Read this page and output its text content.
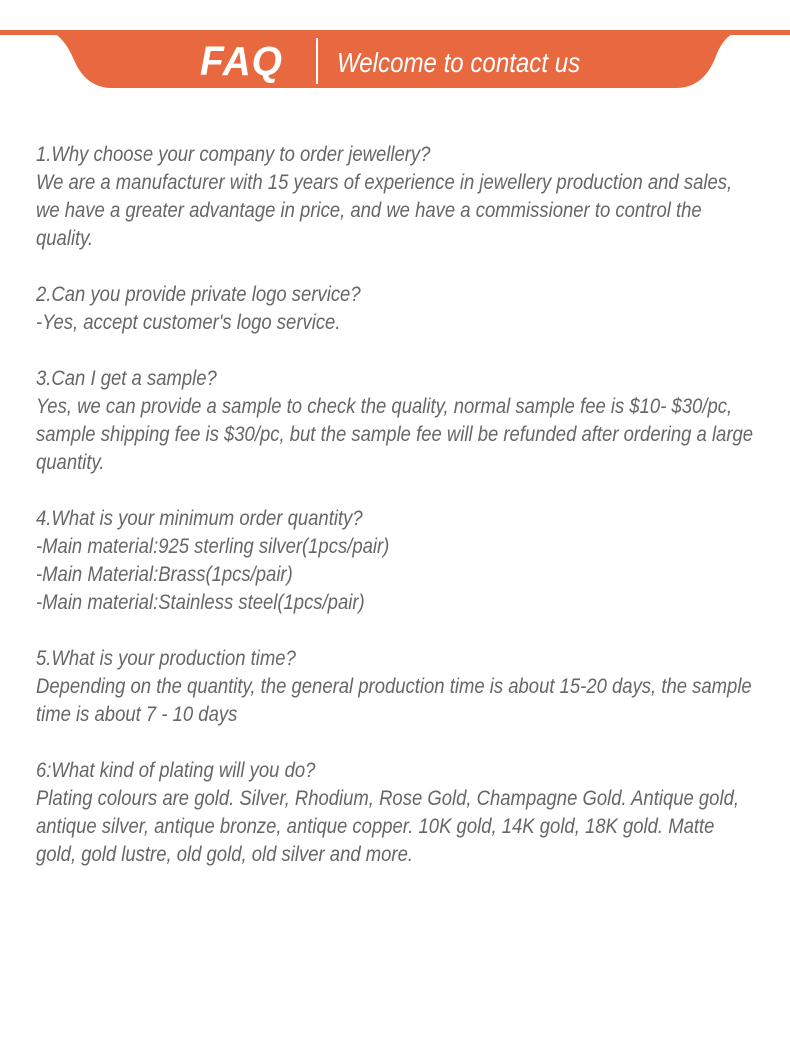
FAQ	Welcome to contact us
1.Why choose your company to order jewellery?
We are a manufacturer with 15 years of experience in jewellery production and sales,
we have a greater advantage in price, and we have a commissioner to control the
quality.
2.Can you provide private logo service?
-Yes, accept customer's logo service.
3.Can I get a sample?
Yes, we can provide a sample to check the quality, normal sample fee is $10- $30/pc,
sample shipping fee is $30/pc, but the sample fee will be refunded after ordering a large
quantity.
4.What is your minimum order quantity?
-Main material:925 sterling silver(1pcs/pair)
-Main Material:Brass(1pcs/pair)
-Main material:Stainless steel(1pcs/pair)
5.What is your production time?
Depending on the quantity, the general production time is about 15-20 days, the sample
time is about 7 - 10 days
6:What kind of plating will you do?
Plating colours are gold. Silver, Rhodium, Rose Gold, Champagne Gold. Antique gold,
antique silver, antique bronze, antique copper. 10K gold, 14K gold, 18K gold. Matte
gold, gold lustre, old gold, old silver and more.
